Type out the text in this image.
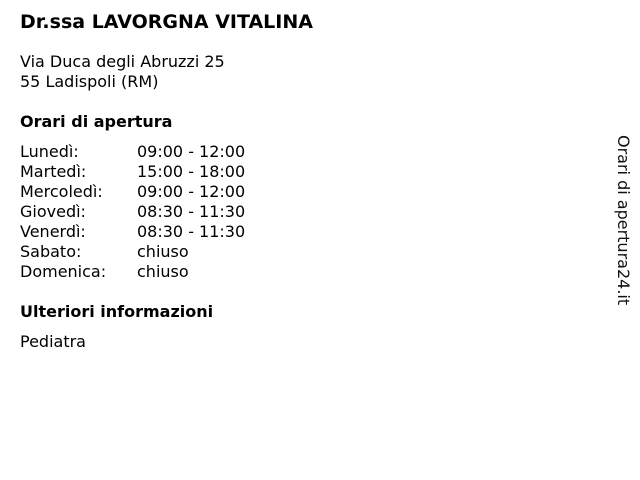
Dr.ssa LAVORGNA VITALINA
Via Duca degli Abruzzi 25
55 Ladispoli (RM)
Orari di apertura
Lunedì:	09:00 - 12:00
Martedì:	15:00 - 18:00
Mercoledì:	09:00 - 12:00
Giovedì:	08:30 - 11:30
Venerdì:	08:30 - 11:30
Sabato:	chiuso
Domenica:	chiuso
Ulteriori informazioni
Pediatra
Orari di apertura24.it
